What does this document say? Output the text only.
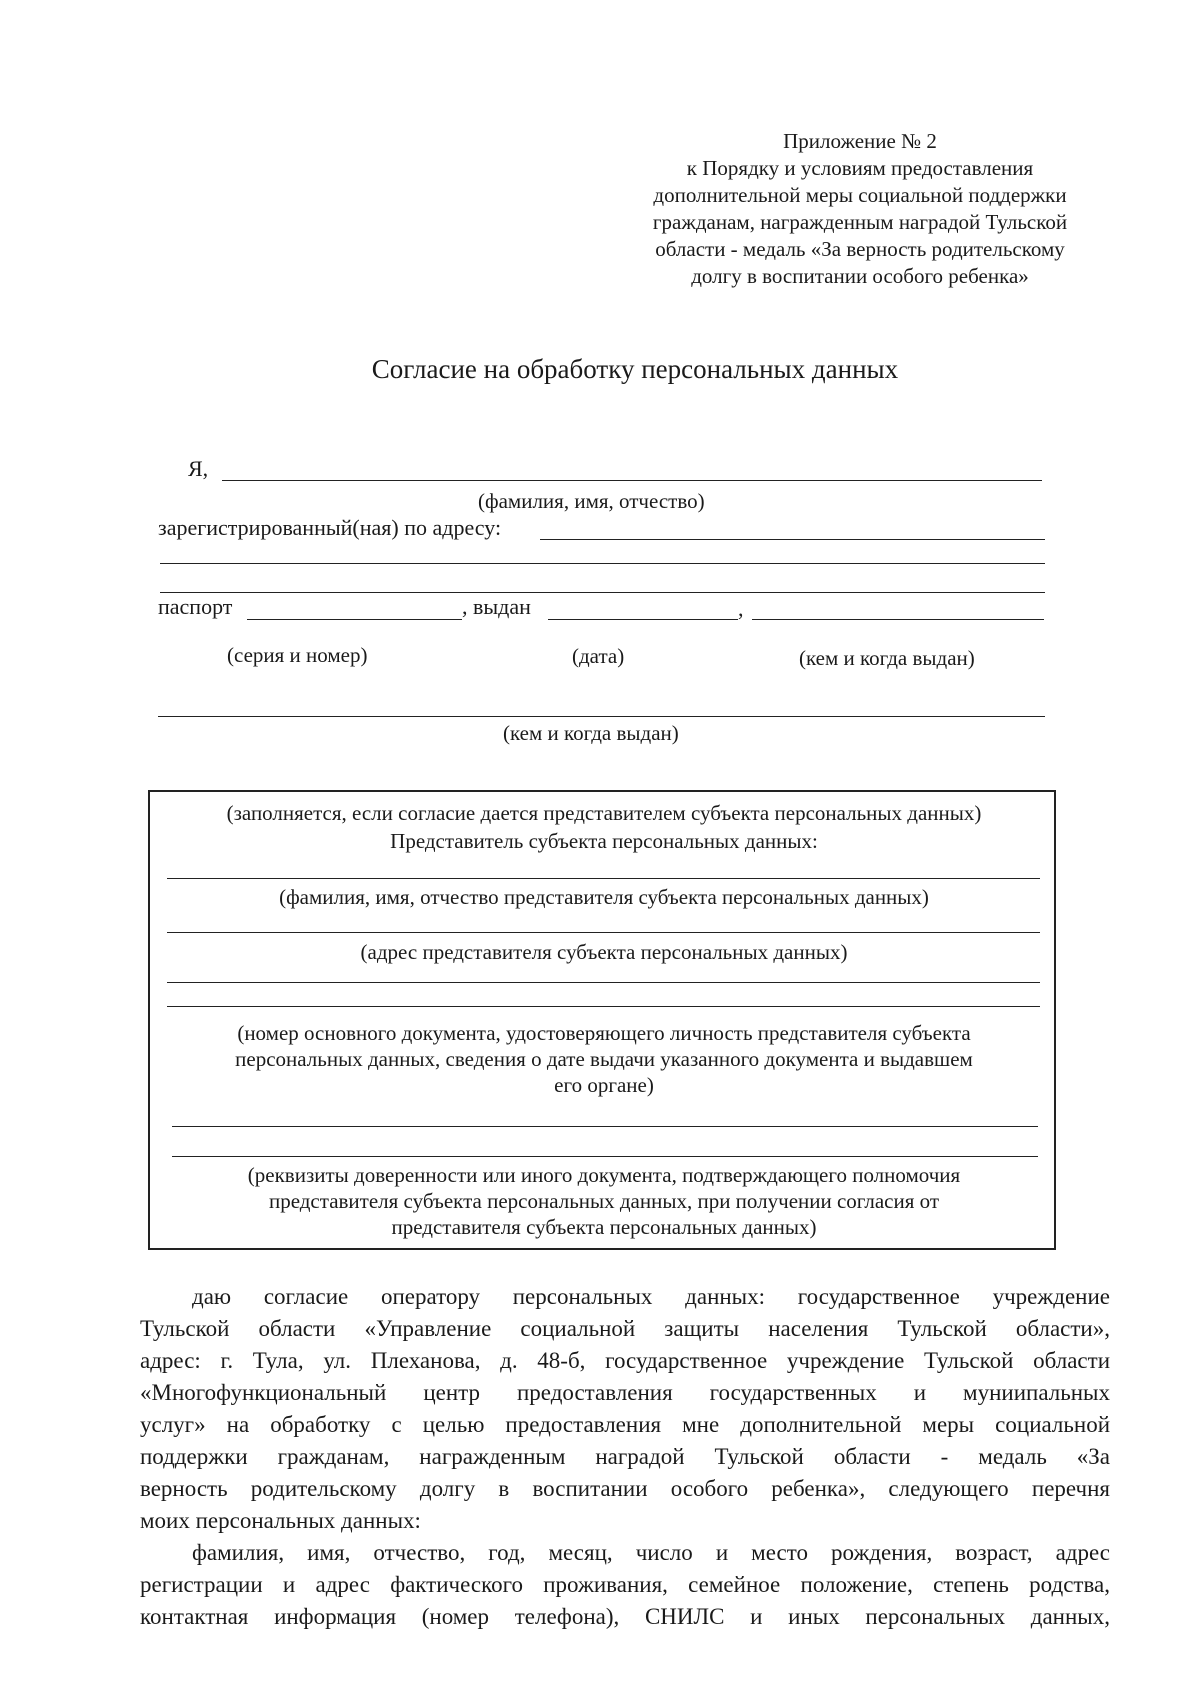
Приложение № 2
к Порядку и условиям предоставления
дополнительной меры социальной поддержки
гражданам, награжденным наградой Тульской
области - медаль «За верность родительскому
долгу в воспитании особого ребенка»
Согласие на обработку персональных данных
Я,
(фамилия, имя, отчество)
зарегистрированный(ная) по адресу:
паспорт	, выдан	,
(серия и номер)	(дата)	(кем и когда выдан)
(кем и когда выдан)
(заполняется, если согласие дается представителем субъекта персональных данных)
Представитель субъекта персональных данных:
(фамилия, имя, отчество представителя субъекта персональных данных)
(адрес представителя субъекта персональных данных)
(номер основного документа, удостоверяющего личность представителя субъекта
персональных данных, сведения о дате выдачи указанного документа и выдавшем
его органе)
(реквизиты доверенности или иного документа, подтверждающего полномочия
представителя субъекта персональных данных, при получении согласия от
представителя субъекта персональных данных)
даю согласие оператору персональных данных: государственное учреждение
Тульской области «Управление социальной защиты населения Тульской области»,
адрес: г. Тула, ул. Плеханова, д. 48-б, государственное учреждение Тульской области
«Многофункциональный центр предоставления государственных и муниипальных
услуг» на обработку с целью предоставления мне дополнительной меры социальной
поддержки гражданам, награжденным наградой Тульской области - медаль «За
верность родительскому долгу в воспитании особого ребенка», следующего перечня
моих персональных данных:
фамилия, имя, отчество, год, месяц, число и место рождения, возраст, адрес
регистрации и адрес фактического проживания, семейное положение, степень родства,
контактная информация (номер телефона), СНИЛС и иных персональных данных,
